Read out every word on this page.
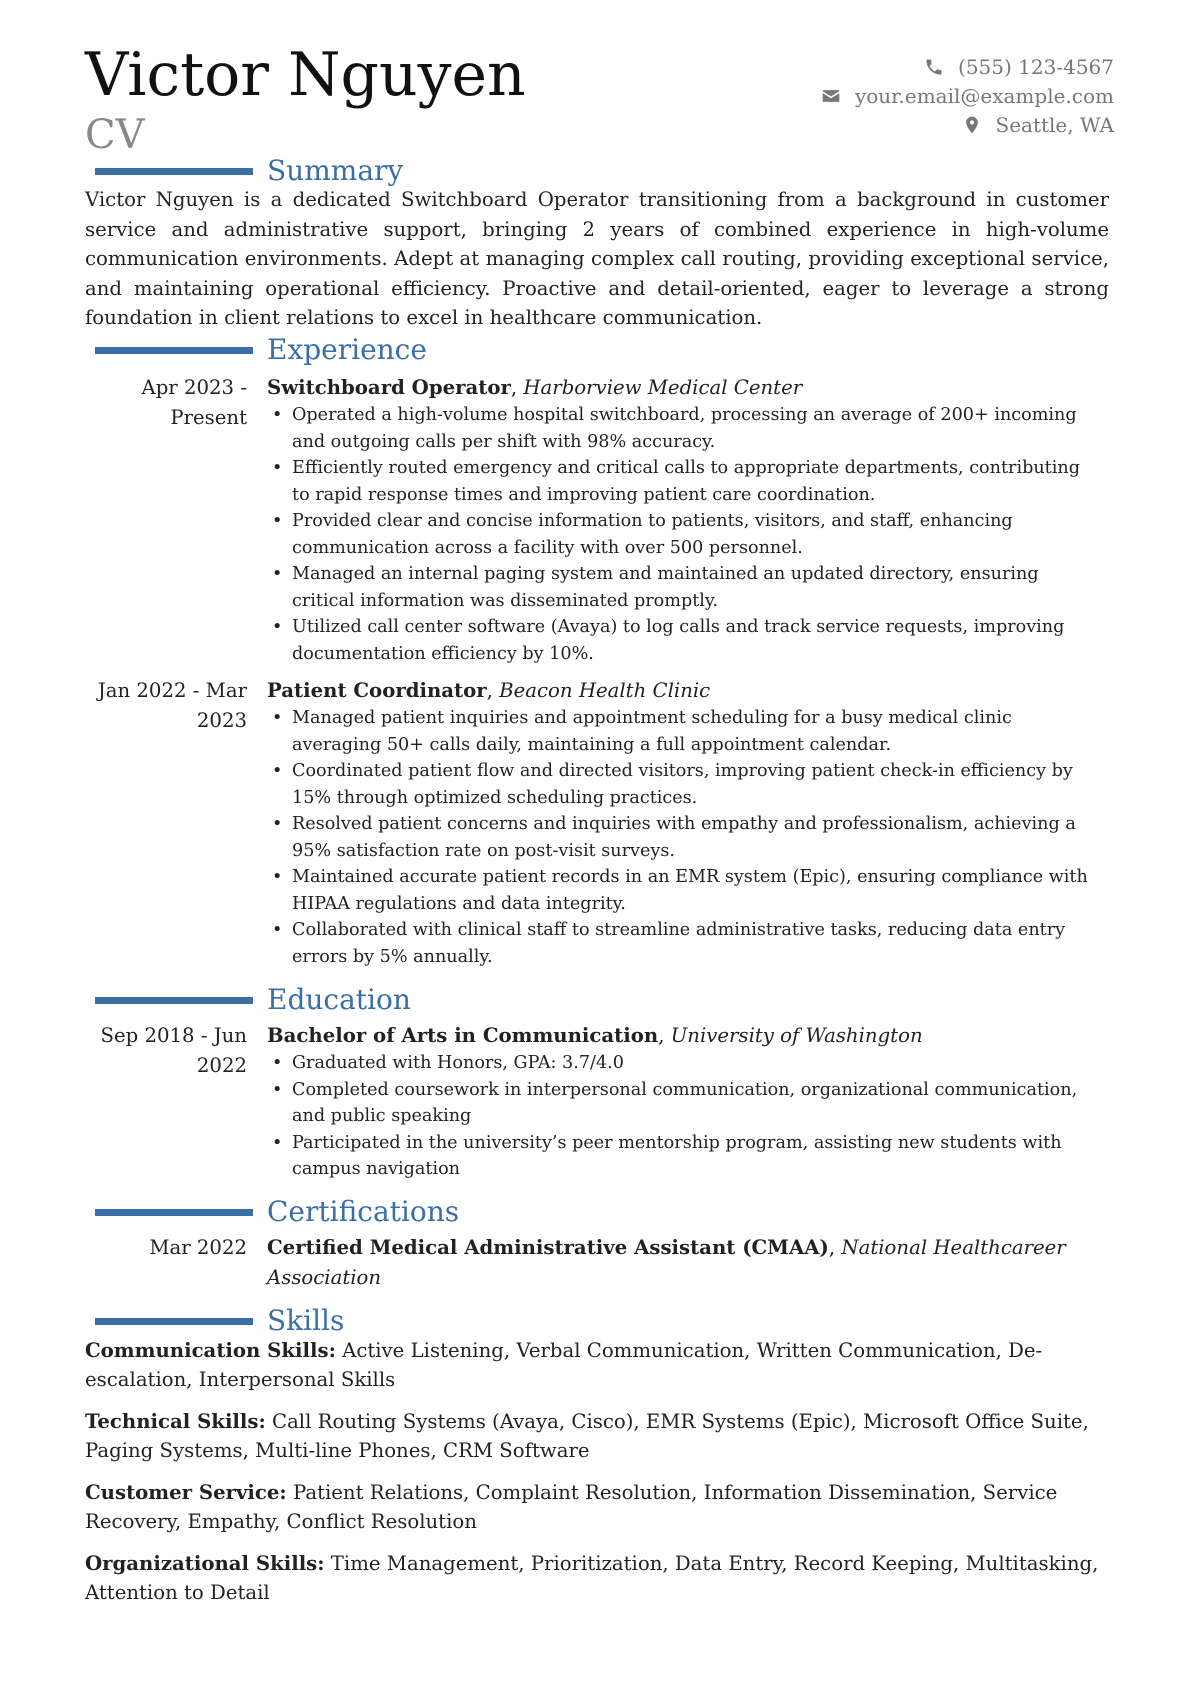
Victor Nguyen
CV
(555) 123-4567
your.email@example.com
Seattle, WA
Summary
Victor Nguyen is a dedicated Switchboard Operator transitioning from a background in customer service and administrative support, bringing 2 years of combined experience in high-volume communication environments. Adept at managing complex call routing, providing exceptional service, and maintaining operational efficiency. Proactive and detail-oriented, eager to leverage a strong foundation in client relations to excel in healthcare communication.
Experience
Apr 2023 -
Present
Switchboard Operator, Harborview Medical Center
• Operated a high-volume hospital switchboard, processing an average of 200+ incoming and outgoing calls per shift with 98% accuracy.
• Efficiently routed emergency and critical calls to appropriate departments, contributing to rapid response times and improving patient care coordination.
• Provided clear and concise information to patients, visitors, and staff, enhancing communication across a facility with over 500 personnel.
• Managed an internal paging system and maintained an updated directory, ensuring critical information was disseminated promptly.
• Utilized call center software (Avaya) to log calls and track service requests, improving documentation efficiency by 10%.
Jan 2022 - Mar
2023
Patient Coordinator, Beacon Health Clinic
• Managed patient inquiries and appointment scheduling for a busy medical clinic averaging 50+ calls daily, maintaining a full appointment calendar.
• Coordinated patient flow and directed visitors, improving patient check-in efficiency by 15% through optimized scheduling practices.
• Resolved patient concerns and inquiries with empathy and professionalism, achieving a 95% satisfaction rate on post-visit surveys.
• Maintained accurate patient records in an EMR system (Epic), ensuring compliance with HIPAA regulations and data integrity.
• Collaborated with clinical staff to streamline administrative tasks, reducing data entry errors by 5% annually.
Education
Sep 2018 - Jun
2022
Bachelor of Arts in Communication, University of Washington
• Graduated with Honors, GPA: 3.7/4.0
• Completed coursework in interpersonal communication, organizational communication, and public speaking
• Participated in the university’s peer mentorship program, assisting new students with campus navigation
Certifications
Mar 2022 Certified Medical Administrative Assistant (CMAA), National Healthcareer Association
Skills
Communication Skills: Active Listening, Verbal Communication, Written Communication, De-escalation, Interpersonal Skills
Technical Skills: Call Routing Systems (Avaya, Cisco), EMR Systems (Epic), Microsoft Office Suite, Paging Systems, Multi-line Phones, CRM Software
Customer Service: Patient Relations, Complaint Resolution, Information Dissemination, Service Recovery, Empathy, Conflict Resolution
Organizational Skills: Time Management, Prioritization, Data Entry, Record Keeping, Multitasking, Attention to Detail
